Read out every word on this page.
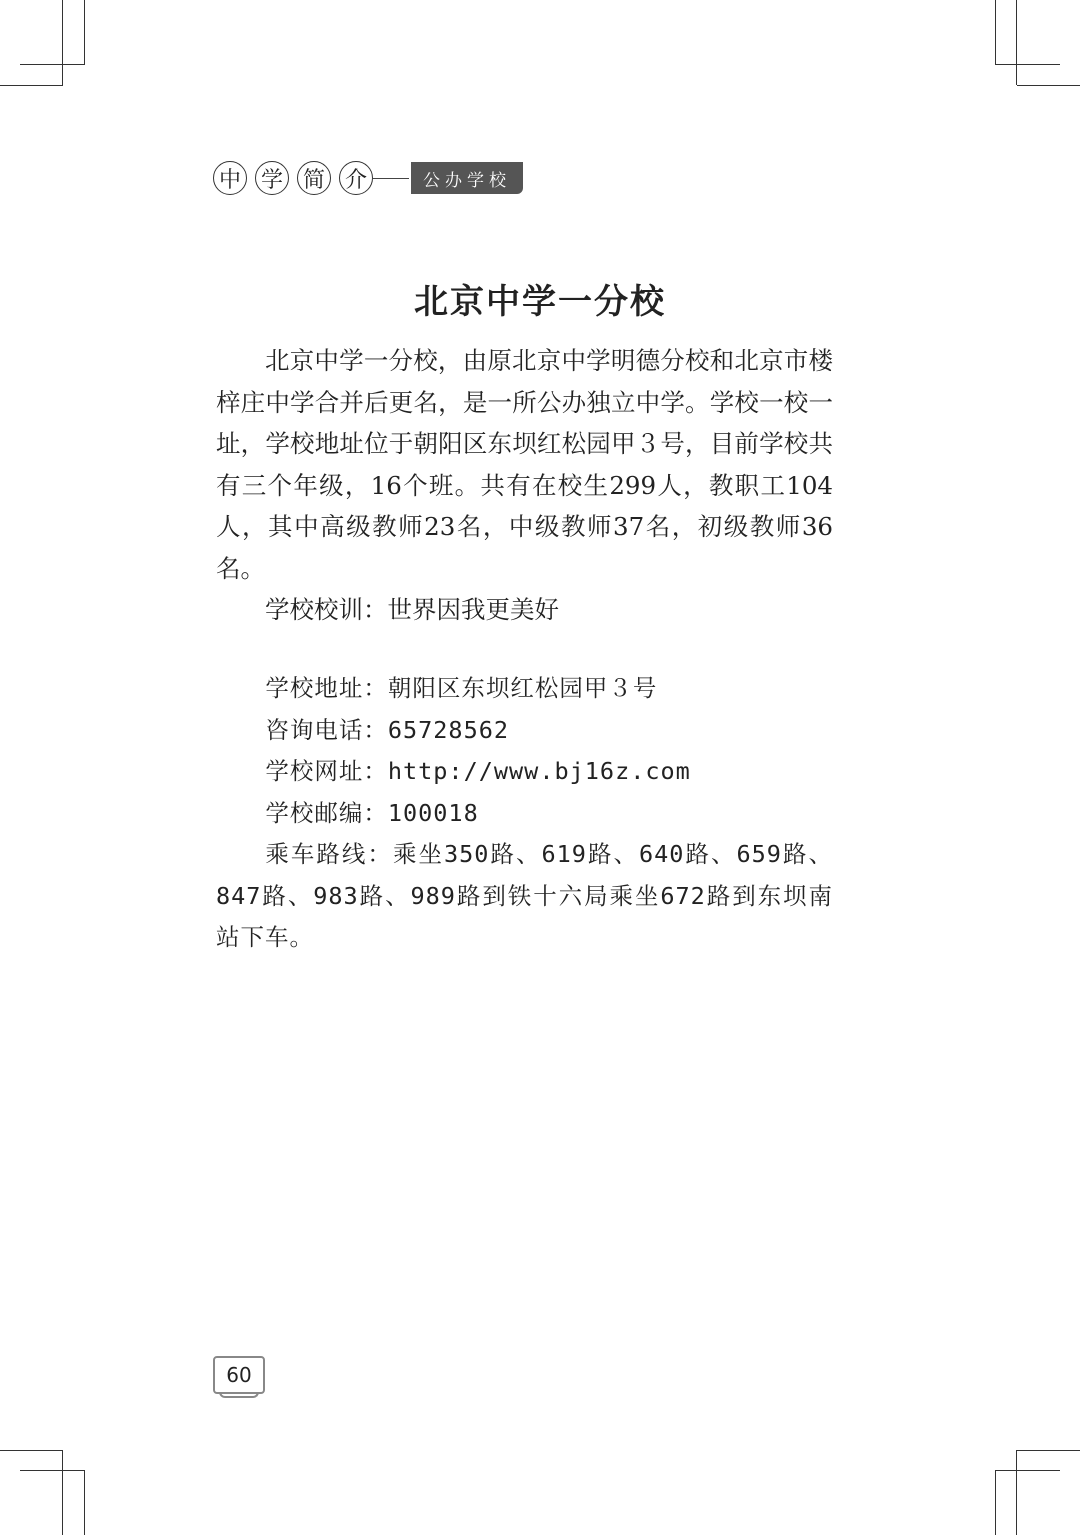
中 学 简 介	公办学校
北京中学一分校

北京中学一分校，由原北京中学明德分校和北京市楼梓庄中学合并后更名，是一所公办独立中学。学校一校一址，学校地址位于朝阳区东坝红松园甲３号，目前学校共有三个年级，16个班。共有在校生299人，教职工104人，其中高级教师23名，中级教师37名，初级教师36名。

学校校训：世界因我更美好

学校地址：朝阳区东坝红松园甲３号
咨询电话：65728562
学校网址：http://www.bj16z.com
学校邮编：100018
乘车路线：乘坐350路、619路、640路、659路、847路、983路、989路到铁十六局乘坐672路到东坝南站下车。
60
